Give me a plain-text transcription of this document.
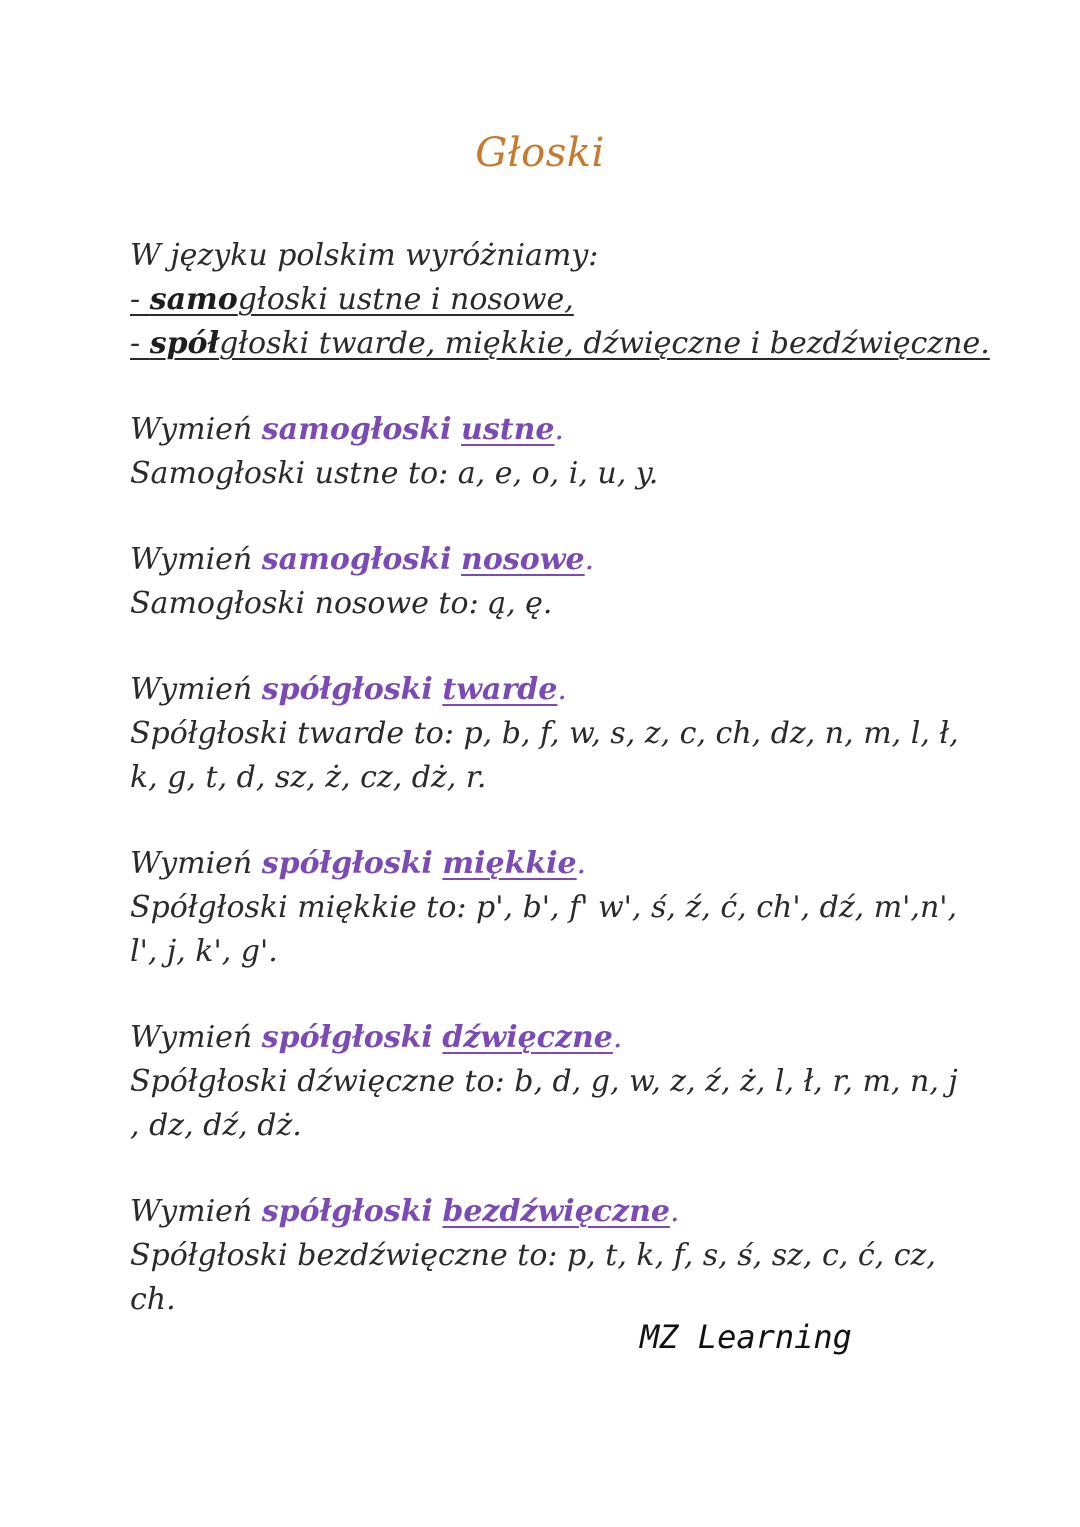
Głoski
W języku polskim wyróżniamy:
- samogłoski ustne i nosowe,
- spółgłoski twarde, miękkie, dźwięczne i bezdźwięczne.
Wymień samogłoski ustne.
Samogłoski ustne to: a, e, o, i, u, y.
Wymień samogłoski nosowe.
Samogłoski nosowe to: ą, ę.
Wymień spółgłoski twarde.
Spółgłoski twarde to: p, b, f, w, s, z, c, ch, dz, n, m, l, ł, k, g, t, d, sz, ż, cz, dż, r.
Wymień spółgłoski miękkie.
Spółgłoski miękkie to: p', b', f' w', ś, ź, ć, ch', dź, m',n', l', j, k', g'.
Wymień spółgłoski dźwięczne.
Spółgłoski dźwięczne to: b, d, g, w, z, ź, ż, l, ł, r, m, n, j , dz, dź, dż.
Wymień spółgłoski bezdźwięczne.
Spółgłoski bezdźwięczne to: p, t, k, f, s, ś, sz, c, ć, cz, ch.
MZ Learning
